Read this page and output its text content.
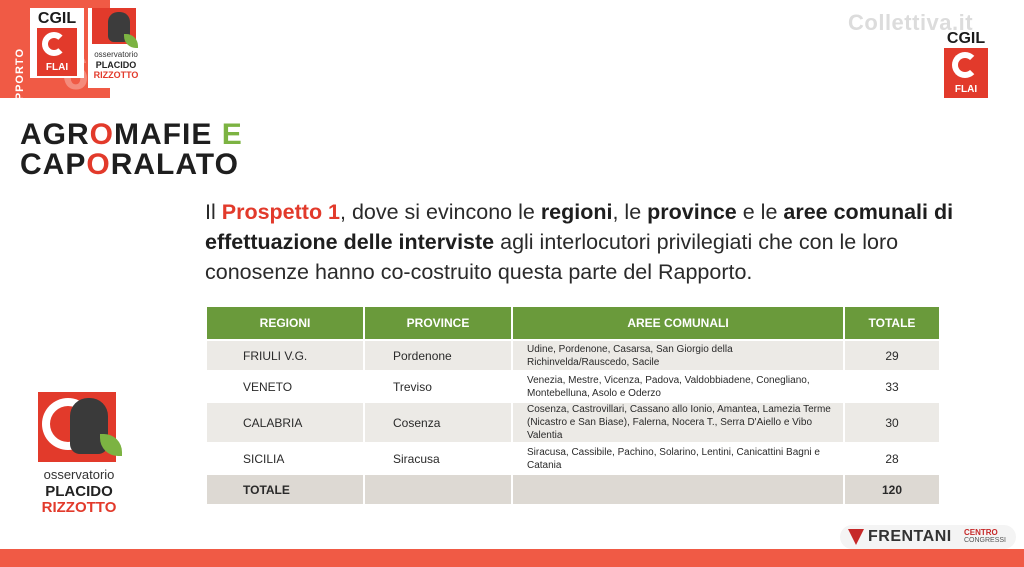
RAPPORTO
CGIL
FLAI
osservatorio
PLACIDO
RIZZOTTO
Collettiva.it
CGIL
FLAI
AGROMAFIE E
CAPORALATO
Il Prospetto 1, dove si evincono le regioni, le province e le aree comunali di effettuazione delle interviste agli interlocutori privilegiati che con le loro conosenze hanno co-costruito questa parte del Rapporto.
REGIONI	PROVINCE	AREE COMUNALI	TOTALE
FRIULI V.G.	Pordenone	Udine, Pordenone, Casarsa, San Giorgio della Richinvelda/Rauscedo, Sacile	29
VENETO	Treviso	Venezia, Mestre, Vicenza, Padova, Valdobbiadene, Conegliano, Montebelluna, Asolo e Oderzo	33
CALABRIA	Cosenza	Cosenza, Castrovillari, Cassano allo Ionio, Amantea, Lamezia Terme (Nicastro e San Biase), Falerna, Nocera T., Serra D'Aiello e Vibo Valentia	30
SICILIA	Siracusa	Siracusa, Cassibile, Pachino, Solarino, Lentini, Canicattini Bagni e Catania	28
TOTALE			120
osservatorio
PLACIDO
RIZZOTTO
FRENTANI CENTRO
CONGRESSI
